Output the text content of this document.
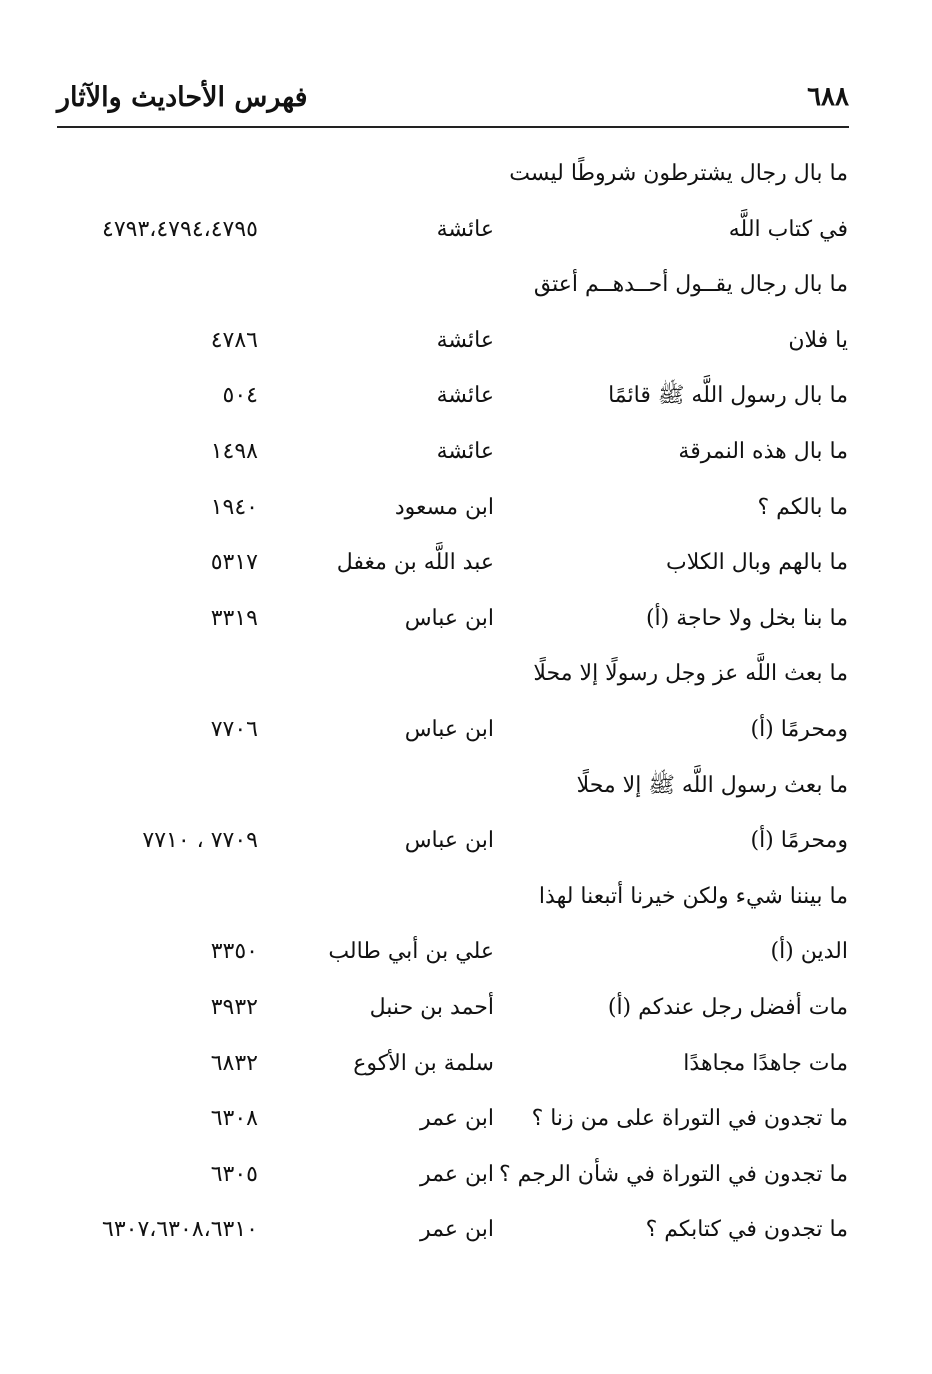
فهرس الأحاديث والآثار	٦٨٨
ما بال رجال يشترطون شروطًا ليست
في كتاب اللَّه
عائشة
٤٧٩٣،٤٧٩٤،٤٧٩٥
ما بال رجال يقــول أحــدهــم أعتق
يا فلان
عائشة
٤٧٨٦
ما بال رسول اللَّه ﷺ قائمًا
عائشة
٥٠٤
ما بال هذه النمرقة
عائشة
١٤٩٨
ما بالكم ؟
ابن مسعود
١٩٤٠
ما بالهم وبال الكلاب
عبد اللَّه بن مغفل
٥٣١٧
ما بنا بخل ولا حاجة (أ)
ابن عباس
٣٣١٩
ما بعث اللَّه عز وجل رسولًا إلا محلًا
ومحرمًا (أ)
ابن عباس
٧٧٠٦
ما بعث رسول اللَّه ﷺ إلا محلًا
ومحرمًا (أ)
ابن عباس
٧٧٠٩ ، ٧٧١٠
ما بيننا شيء ولكن خيرنا أتبعنا لهذا
الدين (أ)
علي بن أبي طالب
٣٣٥٠
مات أفضل رجل عندكم (أ)
أحمد بن حنبل
٣٩٣٢
مات جاهدًا مجاهدًا
سلمة بن الأكوع
٦٨٣٢
ما تجدون في التوراة على من زنا ؟
ابن عمر
٦٣٠٨
ما تجدون في التوراة في شأن الرجم ؟
ابن عمر
٦٣٠٥
ما تجدون في كتابكم ؟
ابن عمر
٦٣٠٧،٦٣٠٨،٦٣١٠
